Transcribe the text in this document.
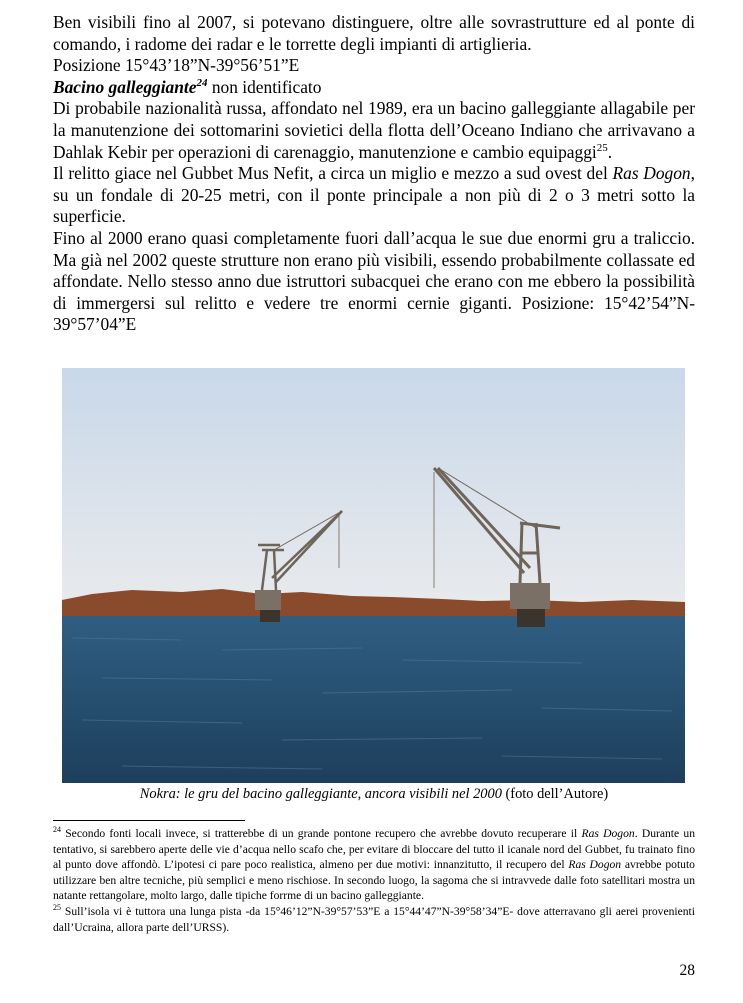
Ben visibili fino al 2007, si potevano distinguere, oltre alle sovrastrutture ed al ponte di comando, i radome dei radar e le torrette degli impianti di artiglieria.

Posizione 15°43’18”N-39°56’51”E

Bacino galleggiante$^{24}$ non identificato

Di probabile nazionalità russa, affondato nel 1989, era un bacino galleggiante allagabile per la manutenzione dei sottomarini sovietici della flotta dell’Oceano Indiano che arrivavano a Dahlak Kebir per operazioni di carenaggio, manutenzione e cambio equipaggi$^{25}$.

Il relitto giace nel Gubbet Mus Nefit, a circa un miglio e mezzo a sud ovest del Ras Dogon, su un fondale di 20-25 metri, con il ponte principale a non più di 2 o 3 metri sotto la superficie.

Fino al 2000 erano quasi completamente fuori dall’acqua le sue due enormi gru a traliccio. Ma già nel 2002 queste strutture non erano più visibili, essendo probabilmente collassate ed affondate. Nello stesso anno due istruttori subacquei che erano con me ebbero la possibilità di immergersi sul relitto e vedere tre enormi cernie giganti. Posizione: 15°42’54”N-39°57’04”E

Nokra: le gru del bacino galleggiante, ancora visibili nel 2000 (foto dell’Autore)

$^{24}$ Secondo fonti locali invece, si tratterebbe di un grande pontone recupero che avrebbe dovuto recuperare il Ras Dogon. Durante un tentativo, si sarebbero aperte delle vie d’acqua nello scafo che, per evitare di bloccare del tutto il icanale nord del Gubbet, fu trainato fino al punto dove affondò. L’ipotesi ci pare poco realistica, almeno per due motivi: innanzitutto, il recupero del Ras Dogon avrebbe potuto utilizzare ben altre tecniche, più semplici e meno rischiose. In secondo luogo, la sagoma che si intravvede dalle foto satellitari mostra un natante rettangolare, molto largo, dalle tipiche forrme di un bacino galleggiante.

$^{25}$ Sull’isola vi è tuttora una lunga pista -da 15°46’12”N-39°57’53”E a 15°44’47”N-39°58’34”E- dove atterravano gli aerei provenienti dall’Ucraina, allora parte dell’URSS).

28
